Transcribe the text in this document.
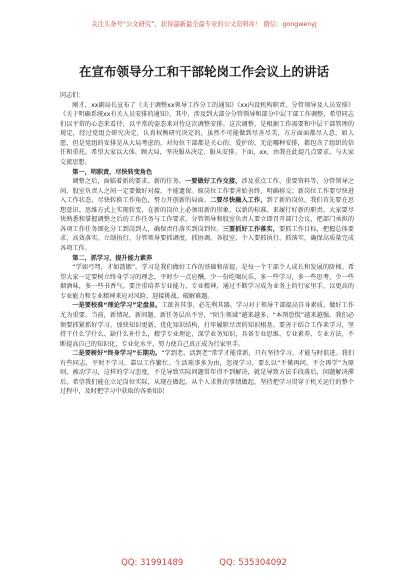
关注头条号“公文研究”，获得最新最全最专业的公文资料库！ 微信：gongwenyj
在宣布领导分工和干部轮岗工作会议上的讲话

同志们：

刚才，xx副局长宣布了《关于调整xx领导工作分工的通知》《xx内设机构职责、分管领导及人员安排》《关于明确系统xx有关人员安排的通知》，其中，涉及到大部分分管领导和部分中层干部工作调整，希望同志们以平常的心态来看待，以平常的姿态来对待这次调整安排。这次调整，是根据工作需要和中层干部管理的规定，经过党组会研究决定，认真权衡研究决定的，虽然不可能做到尽善尽美，方方面面都尽人意，如人愿，但是党组的安排是从大局考虑的，对每位干部都是关心的、爱护的，无论哪种安排，都包含了组织的信任和重托。希望大家以大体、顾大局，坚决服从决定、服从安排。下面，xx，由我在此提几点要求，与大家交流思想。

第一，明职责，尽快转变角色

调整之后，面临着新的要求、新的任务。一要做好工作交接，涉及重点工作、重要资料等，分管领导之间、股室负责人之间一定要做好对接，不能遗留。原岗位工作要善始善终，明确移交；新岗位工作要尽快进入工作状态，尽快转换工作角色，努力开创新的局面。二要尽快融入工作，到了新的岗位，我们首先要在思想意识、思维方式上实现转变，在新的岗位上必须用新的形象、以新的标准、来履行好新的职责。大家要尽快熟悉和掌握调整之后的工作任务与工作要求，分管领导和股室负责人要立即召开部门会议，把部门承担的各项工作任务细化分工到岗到人，确保责任落实到岗到位。三要抓好工作落实，要抓工作目标，把握总体要求，高效落实。立制执行，分管领导要抓调度，抓协调，各股室、个人要抓执行、抓落实，确保高质量完成各项工作。

第二，抓学习，提升能力素养

“学如弓弩，才如箭镞”。学习是我们做好工作的基础和前提，是每一个干部个人成长和发展的阶梯。希望大家一定要树立终身学习的理念，平时少一点应酬，少一份吃喝玩乐，多一些学习，多一些思考，少一些烟酒味，多一些书香气。要注重培养专业能力、专业精神，通过不断学习成为业务上的行家里手，以更高的专业能力和专业精神来应对风险、迎接挑战、破解难题。

一是要校准“理论学习”定盘星。工欲善其事，必先利其器。学习对于领导干部提高自身素质、做好工作尤为重要。当前，新情况、新问题、新任务层出不穷，“陌生领域”越来越多，“本领恐慌”越来越强。我们必须要抓紧抓好学习，加快知识更新、优化知识结构，打牢履职尽责的知识根基。要善于结合工作来学习，坚持干什么学什么、缺什么补什么，精学专业理论，深学业务知识，具备专业思维、专业素养、专业方法，不断提高自己的知识化、专业化水平，努力使自己真正成为行家里手。

二是要树好“终身学习”长期功。“学到老、活到老”常学才能常新，只有坚持学习，才能与时俱进。我们有些同志，平时不学习，靠以工作繁忙、生活琐事多为由，忽视学习，要么以“不懂再问、不会再学”为原则，被动学习，这样的学习态度，不是导致实际问题常年得不到解决，就是导致方法手段落后，问题解决滞后。希望我们能在立足岗位实际，从现在做起，从个人求胜的事情做起，坚持把学习贯穿于机关运行的整个过程中，及时把学习中获取的各类知识

QQ: 31991489	QQ: 535304092
